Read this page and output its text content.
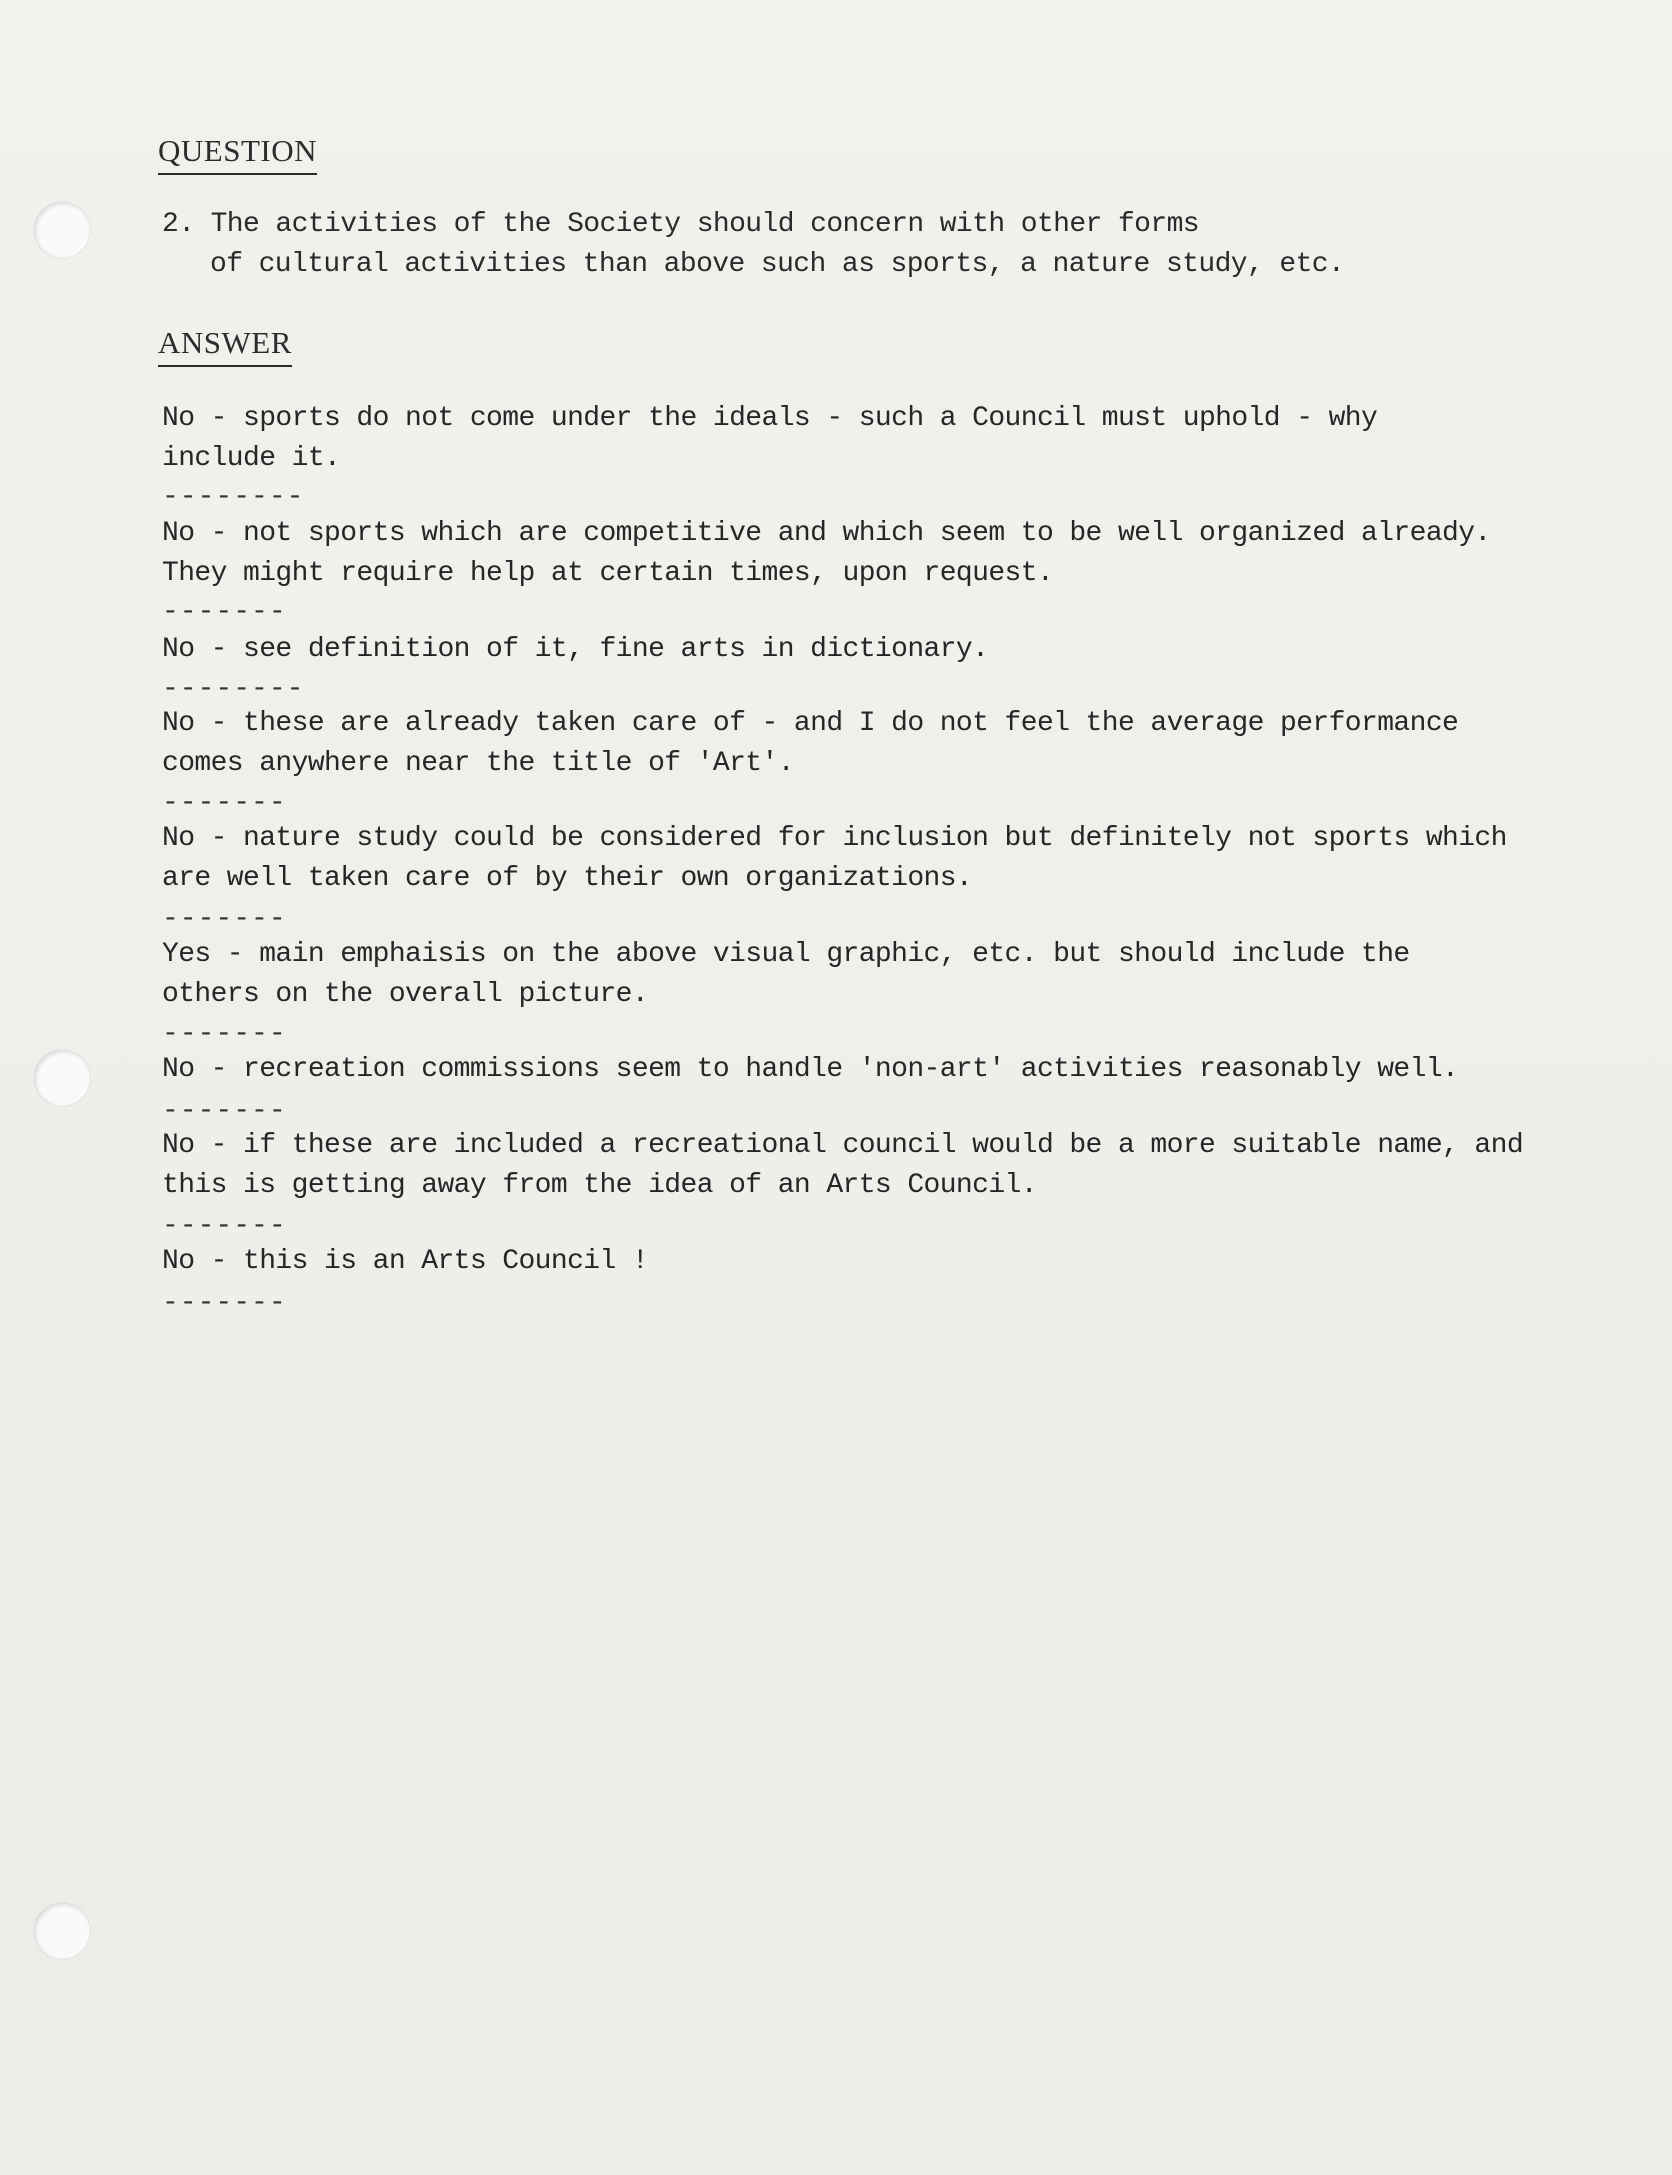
QUESTION
2. The activities of the Society should concern with other forms
of cultural activities than above such as sports, a nature study, etc.
ANSWER
No - sports do not come under the ideals - such a Council must uphold - why
include it.
--------
No - not sports which are competitive and which seem to be well organized already.
They might require help at certain times, upon request.
-------
No - see definition of it, fine arts in dictionary.
--------
No - these are already taken care of - and I do not feel the average performance
comes anywhere near the title of 'Art'.
-------
No - nature study could be considered for inclusion but definitely not sports which
are well taken care of by their own organizations.
-------
Yes - main emphaisis on the above visual graphic, etc. but should include the
others on the overall picture.
-------
No - recreation commissions seem to handle 'non-art' activities reasonably well.
-------
No - if these are included a recreational council would be a more suitable name, and
this is getting away from the idea of an Arts Council.
-------
No - this is an Arts Council !
-------
